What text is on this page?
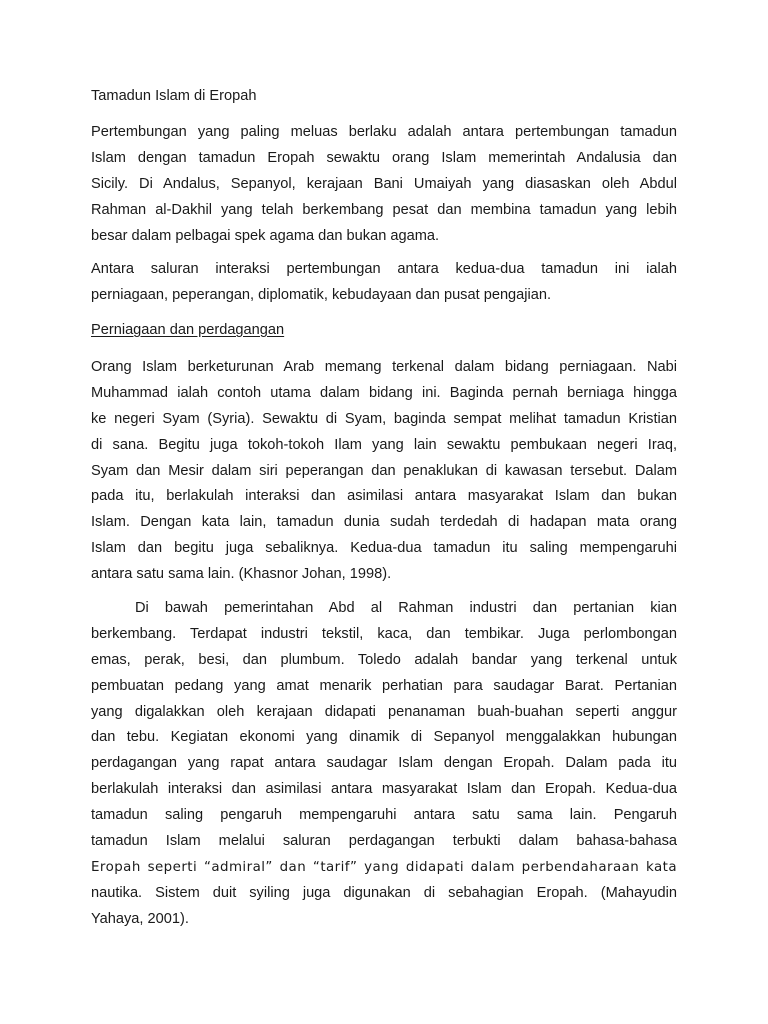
Tamadun Islam di Eropah

Pertembungan yang paling meluas berlaku adalah antara pertembungan tamadun
Islam dengan tamadun Eropah sewaktu orang Islam memerintah Andalusia dan
Sicily. Di Andalus, Sepanyol, kerajaan Bani Umaiyah yang diasaskan oleh Abdul
Rahman al-Dakhil yang telah berkembang pesat dan membina tamadun yang lebih
besar dalam pelbagai spek agama dan bukan agama.
Antara saluran interaksi pertembungan antara kedua-dua tamadun ini ialah
perniagaan, peperangan, diplomatik, kebudayaan dan pusat pengajian.

Perniagaan dan perdagangan

Orang Islam berketurunan Arab memang terkenal dalam bidang perniagaan. Nabi
Muhammad ialah contoh utama dalam bidang ini. Baginda pernah berniaga hingga
ke negeri Syam (Syria). Sewaktu di Syam, baginda sempat melihat tamadun Kristian
di sana. Begitu juga tokoh-tokoh Ilam yang lain sewaktu pembukaan negeri Iraq,
Syam dan Mesir dalam siri peperangan dan penaklukan di kawasan tersebut. Dalam
pada itu, berlakulah interaksi dan asimilasi antara masyarakat Islam dan bukan
Islam. Dengan kata lain, tamadun dunia sudah terdedah di hadapan mata orang
Islam dan begitu juga sebaliknya. Kedua-dua tamadun itu saling mempengaruhi
antara satu sama lain. (Khasnor Johan, 1998).
Di bawah pemerintahan Abd al Rahman industri dan pertanian kian
berkembang. Terdapat industri tekstil, kaca, dan tembikar. Juga perlombongan
emas, perak, besi, dan plumbum. Toledo adalah bandar yang terkenal untuk
pembuatan pedang yang amat menarik perhatian para saudagar Barat. Pertanian
yang digalakkan oleh kerajaan didapati penanaman buah-buahan seperti anggur
dan tebu. Kegiatan ekonomi yang dinamik di Sepanyol menggalakkan hubungan
perdagangan yang rapat antara saudagar Islam dengan Eropah. Dalam pada itu
berlakulah interaksi dan asimilasi antara masyarakat Islam dan Eropah. Kedua-dua
tamadun saling pengaruh mempengaruhi antara satu sama lain. Pengaruh
tamadun Islam melalui saluran perdagangan terbukti dalam bahasa-bahasa
Eropah seperti “admiral” dan “tarif” yang didapati dalam perbendaharaan kata
nautika. Sistem duit syiling juga digunakan di sebahagian Eropah. (Mahayudin
Yahaya, 2001).
